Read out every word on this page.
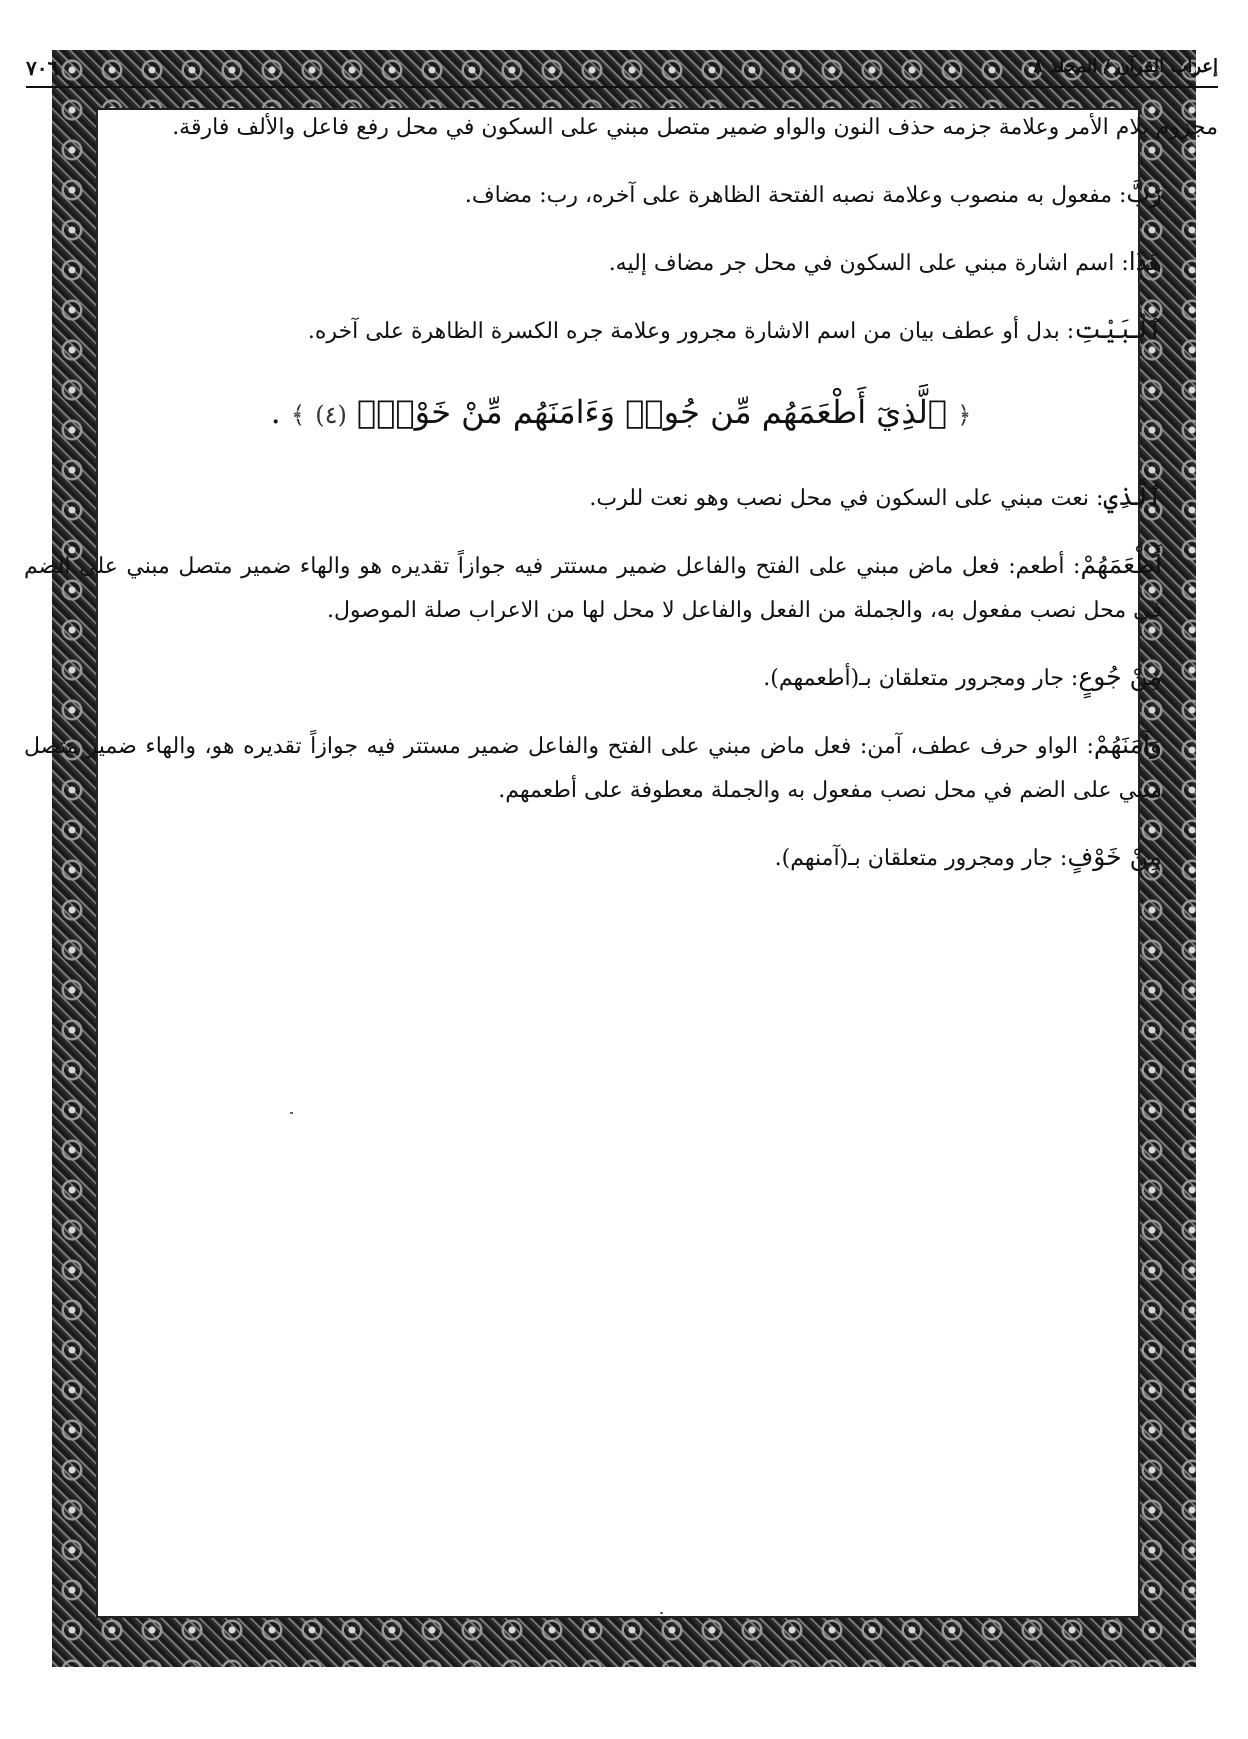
إعراب القرآن / المجلد ٨
٧٠٦

مجزوم بلام الأمر وعلامة جزمه حذف النون والواو ضمير متصل مبني على السكون في محل رفع فاعل والألف فارقة.

رَبَّ: مفعول به منصوب وعلامة نصبه الفتحة الظاهرة على آخره، رب: مضاف.

هَذَا: اسم اشارة مبني على السكون في محل جر مضاف إليه.

ٱلْبَيْتِ: بدل أو عطف بيان من اسم الاشارة مجرور وعلامة جره الكسرة الظاهرة على آخره.

﴿ ٱلَّذِيٓ أَطْعَمَهُم مِّن جُوعٖ وَءَامَنَهُم مِّنْ خَوْفِۭ (٤) ﴾ .

ٱلَّذِي: نعت مبني على السكون في محل نصب وهو نعت للرب.

أَطْعَمَهُمْ: أطعم: فعل ماض مبني على الفتح والفاعل ضمير مستتر فيه جوازاً تقديره هو والهاء ضمير متصل مبني على الضم في محل نصب مفعول به، والجملة من الفعل والفاعل لا محل لها من الاعراب صلة الموصول.

مِنْ جُوعٍ: جار ومجرور متعلقان بـ(أطعمهم).

وَآمَنَهُمْ: الواو حرف عطف، آمن: فعل ماض مبني على الفتح والفاعل ضمير مستتر فيه جوازاً تقديره هو، والهاء ضمير متصل مبني على الضم في محل نصب مفعول به والجملة معطوفة على أطعمهم.

مِنْ خَوْفٍ: جار ومجرور متعلقان بـ(آمنهم).
